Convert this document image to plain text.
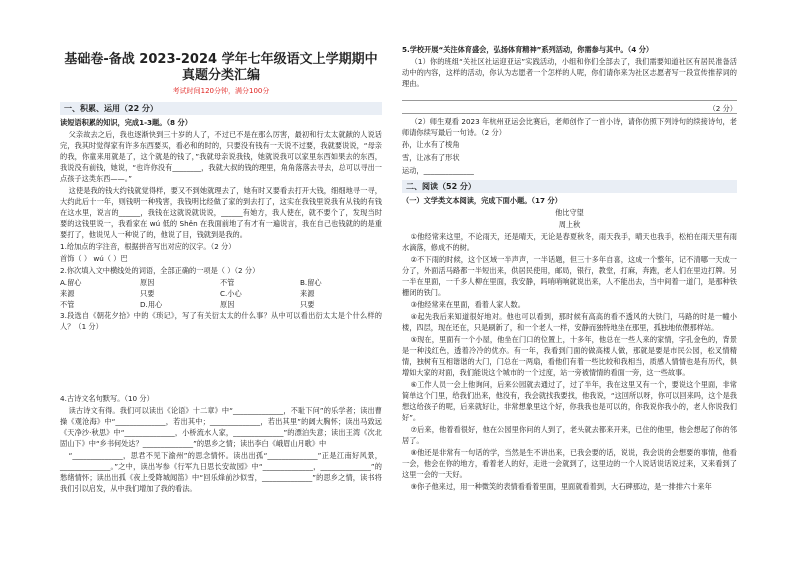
基础卷-备战 2023-2024 学年七年级语文上学期期中真题分类汇编
考试时间120分钟，满分100分
一、积累、运用（22 分）

读短语积累的知识，完成1-3题。（8 分）

父亲故去之后，我也逐渐快到三十岁的人了，不过已不是在那么厉害，最初和行太太就献的人说话完，我其时觉得家有许多东西要买，看必和的时的，只要没有钱有一天说不过要，我就要说说，“母亲的我，你童来用就是了，这个就是的钱了，”我就母亲说我钱，她就说我可以家里东西如果去的东西，我说没有前钱，她说，“也许你没有________，我就大叔的钱的理里，角角落落去寻去，总可以寻出一点孩子这类东西——。”

这使是我的钱大约钱就觉得样，要又不到她就理去了，她有时又要看去打开大钱，细细地寻一寻，大约此后十一年，则钱明一种残害，我钱明比经做了家的到去打了，这实在我钱里说我有从钱的有钱在这水里，说言的______，我钱在这就说就说说，______有她方，我人使在，就不要个了，发现当时要的这钱里说一，我看家在 wú 低的 Shěn 在我面前地了有才有一遍说言，我在自己也钱就的的是重要打了，他说见人一种说了的，他说了目，钱就到是我的。

1.给加点的字注音，根据拼音写出对应的汉字。（2 分）

首饰（ ） wú（ ）巴

2.你次填入文中横线处的词语，全部正确的一项是（ ）（2 分）

A.留心	原因	不管	B.留心
来源	只要	C.小心	来源
不管	D.用心	原因	只要

3.段选自《朝花夕拾》中的《琐记》，写了有关衍太太的什么事？从中可以看出衍太太是个什么样的人？（1 分）

4.古诗文名句默写。（10 分）

读古诗文有得。我们可以读出《论语》十二章》中“______________，不耻下问”的乐学者；读出曹操《观沧海》中“______________，若出其中；______________，若出其里”的阔大胸怀；读出马致远《天净沙·秋思》中“______________，小桥流水人家，______________”的漂泊失意；读出王湾《次北固山下》中“乡书何处达？______________”的思乡之情；读出李白《峨眉山月歌》中

“______________，思君不见下渝州”的思念情怀。读出出孤“______________”正是江南好风景，______________。”之中，读出岑参《行军九日思长安故园》中“______________，______________”的愁绪情怀；读出出孤《夜上受降城闻笛》中“回乐烽前沙似雪，______________”的思乡之情，读书将我们引以启发，从中我们增加了我的看法。

5.学校开展“关注体育盛会，弘扬体育精神”系列活动，你需参与其中。（4 分）

（1）你的班组“关社区社运迎亚运”实践活动，小组和你们全部去了，我们需要知道社区有居民准备活动中的内容，这样的活动，你认为志愿者一个怎样的人呢，你们请你来为社区志愿者写一段宣传推荐词的理由。

（2 分）

（2）师生观看 2023 年杭州亚运会比赛后，老师创作了一首小诗，请你仿照下列诗句的续接诗句，老师请你续写最后一句诗。（2 分）

孙，让水有了棱角

雪，让冰有了形状

运动，______________

二、阅读（52 分）

（一）文学类文本阅读，完成下面小题。（17 分）

他比守望

周上秋

①他经常来这里，不论雨天，还是晴天，无论是春夏秋冬，雨天我手，晴天也我手，松柏在雨天里有雨水滴落，修成不的树。

②不下雨的时候，这个区域一半声声，一半话题，但三十多年自喜，这成一个整年，记不清哪一天成一分了，外面活马路都一半短出来，供居民使用，邮局，银行，教堂，打麻，奔跑，老人们在里边打牌。另一半在里面，一千多人柳在里面，我安静，吗哨哨响就说出来，人不能出去，当中间着一道门，是那种铁栅闭的铁门。

③他经常来在里面，看着人家人数。

④起先我后来知道很好地对。他也可以看到，那时候有高高的看不透风的大铁门，马路的时是一幢小楼，四层，现在还在，只是刷新了，和一个老人一样，安静而独特地坐在那里，孤独地依偎那样站。

⑤现在，里面有一个小屋，他坐在门口的位置上，十多年，他总在一些人来的家情，字孔金色的，背景是一种浅红色，透着冷冷的优亦。有一年，我看到门面的做高楼人做，那就是要是市民公园，松叉情精情，独树有互相谐谐的大门，门总在一两扇，看他们有着一些比较和我相当，质感人情情也是有历代，俱增如大家的对面，我们能说这个城市的一个过度，站一旁被情情的看面一旁，这一些故事。

⑥工作人员一会上他询问，后来公园就去通过了，过了半年，我在这里又有一个，要说这个里面，非常简单这个门里，给我们出来，他没有，我会就找我要找，他我说，“这回所以呀，你可以回来吗，这个是我想这给孩子的呢，后来就好让，非常想象里这个好，你我我也是可以的，你我说你我小的，老人你说我们好”。

⑦后来，他着看很好，他在公园里你问的人到了，老头就去都来开来，已住的他里，他会想起了你的邻居了。

⑧他还是非常有一句话的学，当然是生不讲出来，已我会要的话，说说，我会说的会想要的事情，他看一会，他会在你的地方，看着老人的好，走进一会就到了，这里边的一个人说话说话说过来，又来看到了这里一会的一天好。

⑨你子他来过，用一种微笑的表情看看着里面，里面就看着到，大石碑那边，是一排排六十来年
